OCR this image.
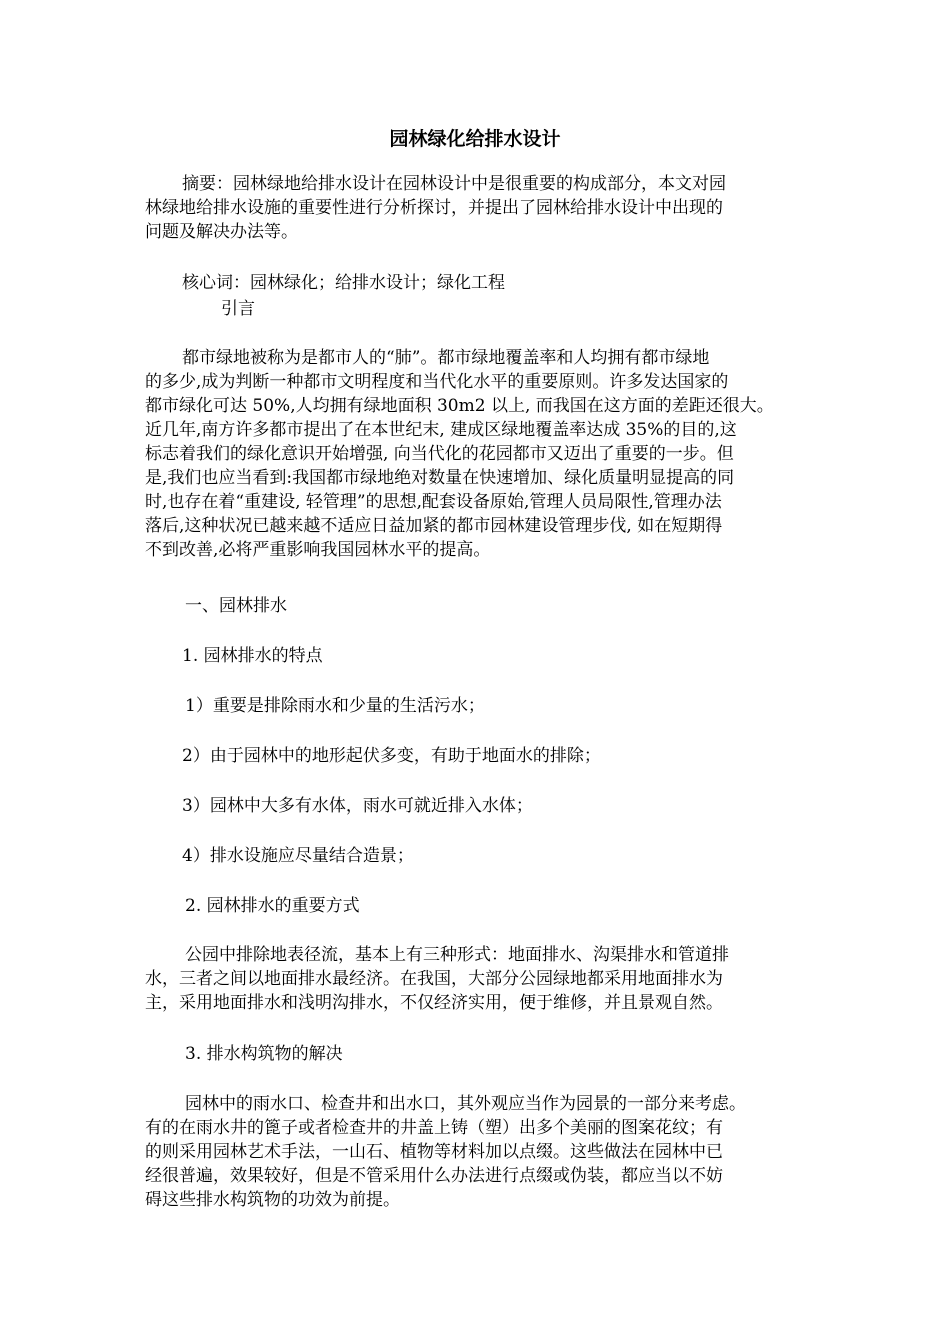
园林绿化给排水设计
摘要：园林绿地给排水设计在园林设计中是很重要的构成部分，本文对园
林绿地给排水设施的重要性进行分析探讨，并提出了园林给排水设计中出现的
问题及解决办法等。
核心词：园林绿化；给排水设计；绿化工程
引言
都市绿地被称为是都市人的“肺”。都市绿地覆盖率和人均拥有都市绿地
的多少,成为判断一种都市文明程度和当代化水平的重要原则。许多发达国家的
都市绿化可达 50%,人均拥有绿地面积 30m2 以上, 而我国在这方面的差距还很大。
近几年,南方许多都市提出了在本世纪末, 建成区绿地覆盖率达成 35%的目的,这
标志着我们的绿化意识开始增强, 向当代化的花园都市又迈出了重要的一步。但
是,我们也应当看到:我国都市绿地绝对数量在快速增加、绿化质量明显提高的同
时,也存在着“重建设, 轻管理”的思想,配套设备原始,管理人员局限性,管理办法
落后,这种状况已越来越不适应日益加紧的都市园林建设管理步伐, 如在短期得
不到改善,必将严重影响我国园林水平的提高。
一、园林排水
1. 园林排水的特点
1）重要是排除雨水和少量的生活污水；
2）由于园林中的地形起伏多变，有助于地面水的排除；
3）园林中大多有水体，雨水可就近排入水体；
4）排水设施应尽量结合造景；
2. 园林排水的重要方式
公园中排除地表径流，基本上有三种形式：地面排水、沟渠排水和管道排
水，三者之间以地面排水最经济。在我国，大部分公园绿地都采用地面排水为
主，采用地面排水和浅明沟排水，不仅经济实用，便于维修，并且景观自然。
3. 排水构筑物的解决
园林中的雨水口、检查井和出水口，其外观应当作为园景的一部分来考虑。
有的在雨水井的篦子或者检查井的井盖上铸（塑）出多个美丽的图案花纹；有
的则采用园林艺术手法，一山石、植物等材料加以点缀。这些做法在园林中已
经很普遍，效果较好，但是不管采用什么办法进行点缀或伪装，都应当以不妨
碍这些排水构筑物的功效为前提。
